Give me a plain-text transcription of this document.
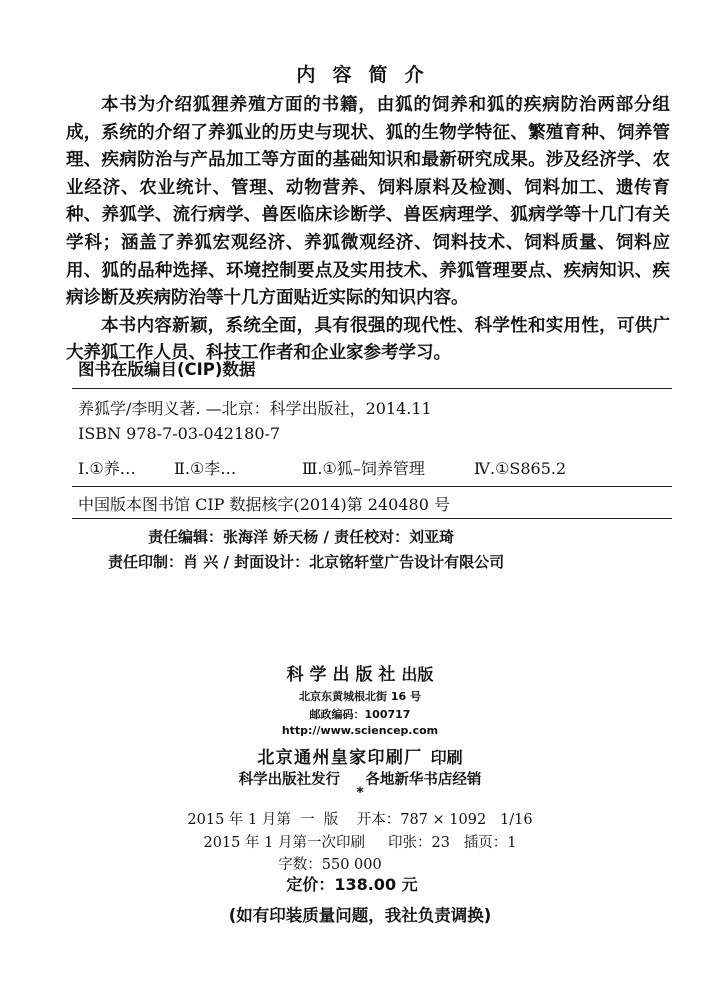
内容简介

本书为介绍狐狸养殖方面的书籍，由狐的饲养和狐的疾病防治两部分组成，系统的介绍了养狐业的历史与现状、狐的生物学特征、繁殖育种、饲养管理、疾病防治与产品加工等方面的基础知识和最新研究成果。涉及经济学、农业经济、农业统计、管理、动物营养、饲料原料及检测、饲料加工、遗传育种、养狐学、流行病学、兽医临床诊断学、兽医病理学、狐病学等十几门有关学科；涵盖了养狐宏观经济、养狐微观经济、饲料技术、饲料质量、饲料应用、狐的品种选择、环境控制要点及实用技术、养狐管理要点、疾病知识、疾病诊断及疾病防治等十几方面贴近实际的知识内容。

本书内容新颖，系统全面，具有很强的现代性、科学性和实用性，可供广大养狐工作人员、科技工作者和企业家参考学习。

图书在版编目(CIP)数据
养狐学/李明义著. —北京：科学出版社，2014.11
ISBN 978-7-03-042180-7
Ⅰ.①养… Ⅱ.①李…	Ⅲ.①狐–饲养管理	Ⅳ.①S865.2
中国版本图书馆 CIP 数据核字(2014)第 240480 号
责任编辑：张海洋 娇天杨 / 责任校对：刘亚琦
责任印制：肖 兴 / 封面设计：北京铭轩堂广告设计有限公司
科学出版社出版
北京东黄城根北街 16 号
邮政编码：100717
http://www.sciencep.com
北京通州皇家印刷厂 印刷
科学出版社发行     各地新华书店经销
*
2015 年 1 月第  一  版    开本：787 × 1092   1/16
2015 年 1 月第一次印刷     印张：23   插页：1
字数：550 000
定价：138.00 元
(如有印装质量问题，我社负责调换)
